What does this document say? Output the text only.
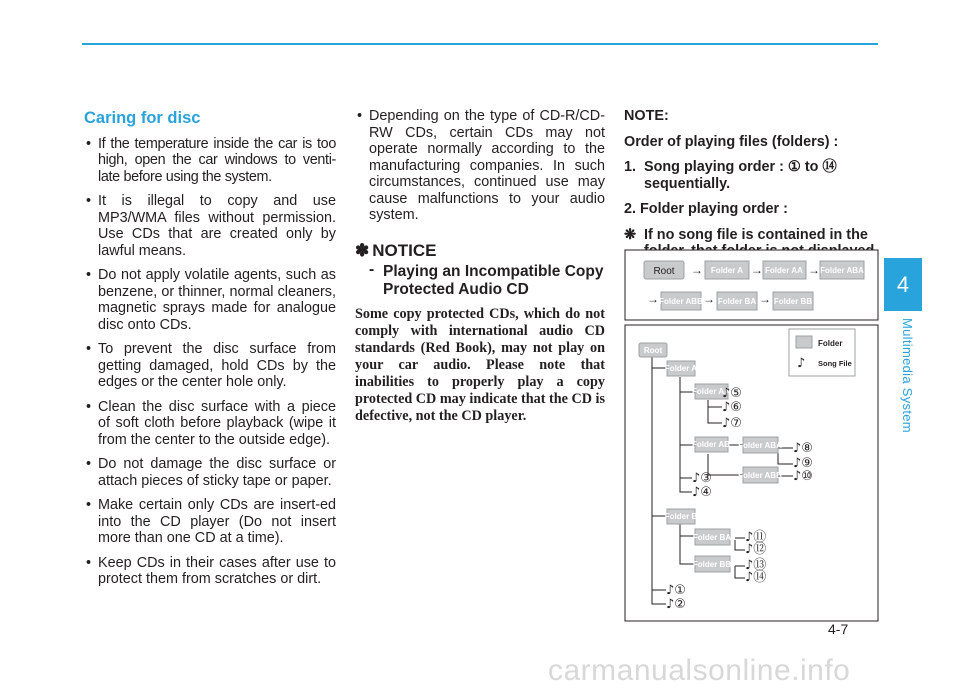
4
Multimedia System
4-7
carmanualsonline.info
Caring for disc
• If the temperature inside the car is too high, open the car windows to venti-late before using the system.
• It is illegal to copy and use MP3/WMA files without permission. Use CDs that are created only by lawful means.
• Do not apply volatile agents, such as benzene, or thinner, normal cleaners, magnetic sprays made for analogue disc onto CDs.
• To prevent the disc surface from getting damaged, hold CDs by the edges or the center hole only.
• Clean the disc surface with a piece of soft cloth before playback (wipe it from the center to the outside edge).
• Do not damage the disc surface or attach pieces of sticky tape or paper.
• Make certain only CDs are insert-ed into the CD player (Do not insert more than one CD at a time).
• Keep CDs in their cases after use to protect them from scratches or dirt.
• Depending on the type of CD-R/CD-RW CDs, certain CDs may not operate normally according to the manufacturing companies. In such circumstances, continued use may cause malfunctions to your audio system.
✽ NOTICE
- Playing an Incompatible Copy Protected Audio CD
Some copy protected CDs, which do not comply with international audio CD standards (Red Book), may not play on your car audio. Please note that inabilities to properly play a copy protected CD may indicate that the CD is defective, not the CD player.
NOTE:
Order of playing files (folders) :
1. Song playing order : ① to ⑭ sequentially.
2. Folder playing order :
❋ If no song file is contained in the
Root → Folder A → Folder AA → Folder ABA
→ Folder ABB → Folder BA → Folder BB
Folder
♪ Song File
Root
Folder A
Folder AA
Folder AB Folder ABA
Folder ABB
Folder B
Folder BA
Folder BB
♪⑤
♪⑥
♪⑦
♪⑧
♪⑨
♪⑩
♪③
♪④
♪⑪
♪⑫
♪⑬
♪⑭
♪①
♪②
